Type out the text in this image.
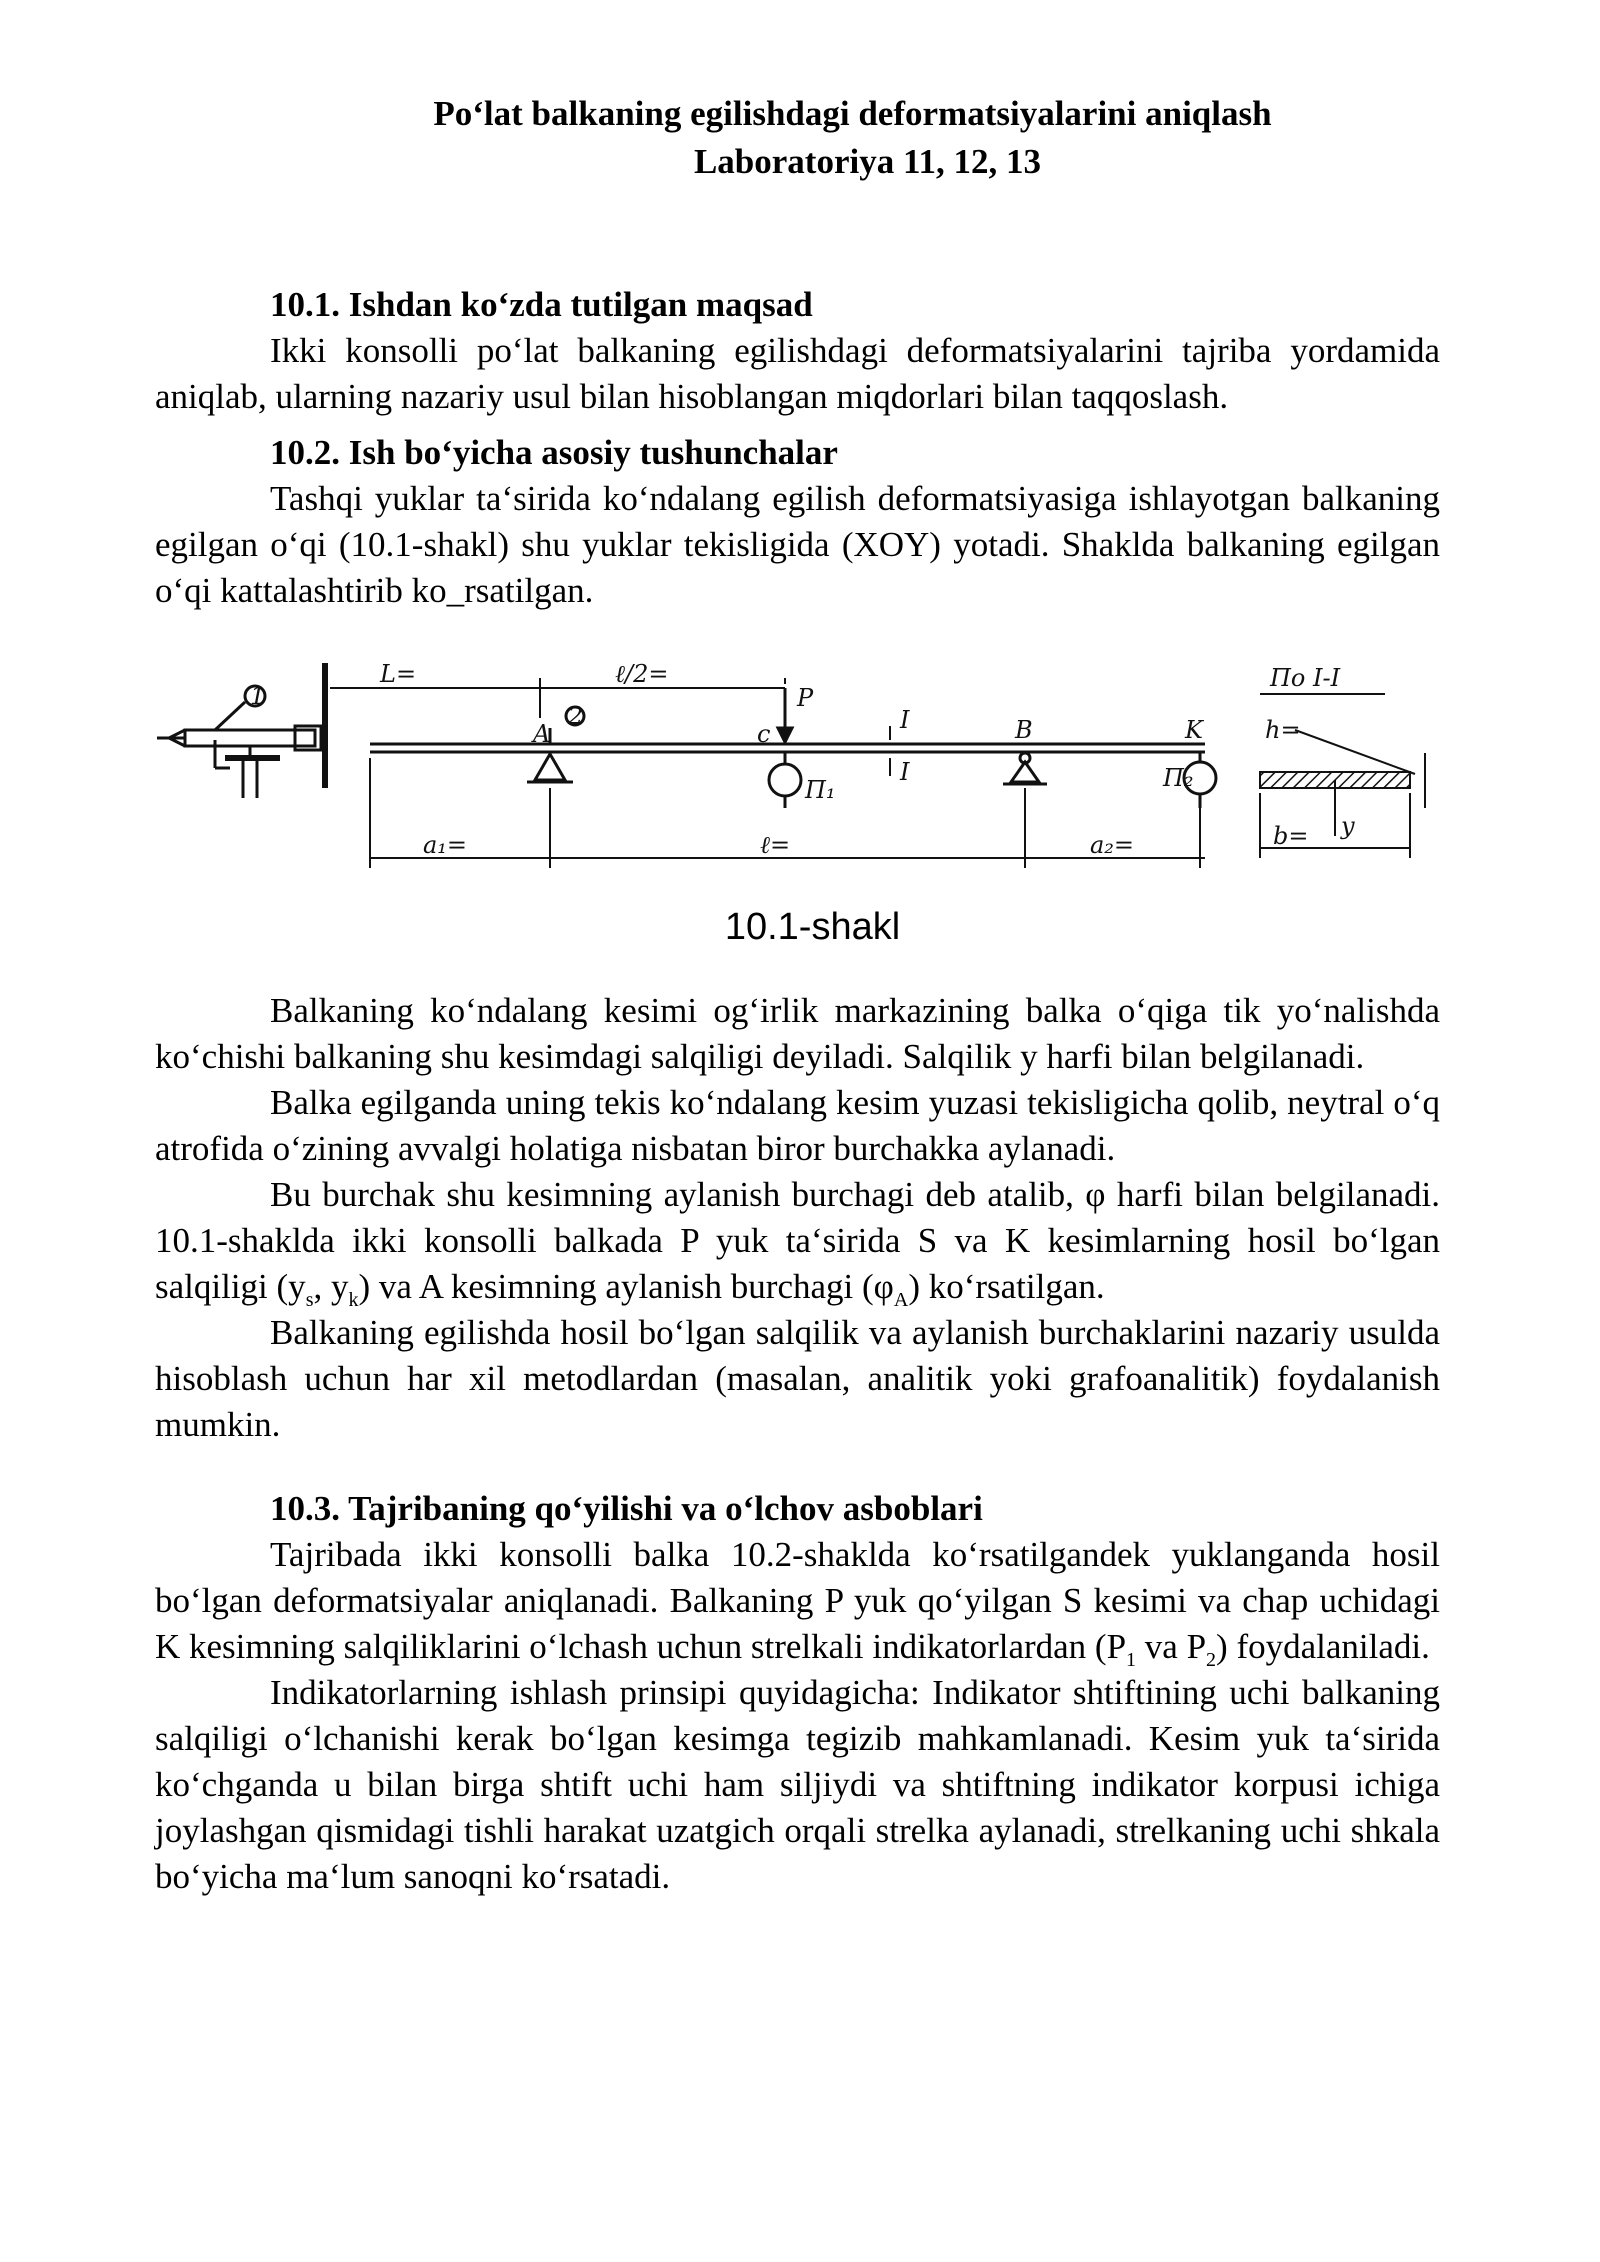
Po‘lat balkaning egilishdagi deformatsiyalarini aniqlash

Laboratoriya 11, 12, 13

10.1. Ishdan ko‘zda tutilgan maqsad

Ikki konsolli po‘lat balkaning egilishdagi deformatsiyalarini tajriba yordamida aniqlab, ularning nazariy usul bilan hisoblangan miqdorlari bilan taqqoslash.

10.2. Ish bo‘yicha asosiy tushunchalar

Tashqi yuklar ta‘sirida ko‘ndalang egilish deformatsiyasiga ishlayotgan balkaning egilgan o‘qi (10.1-shakl) shu yuklar tekisligida (XOY) yotadi. Shaklda balkaning egilgan o‘qi kattalashtirib ko_rsatilgan.

1
L=	ℓ/2=
P
2
A	c
П₁
I
I
B	K
П₂
a₁=	ℓ=	a₂=
По I-I
h=
b= y
10.1-shakl

Balkaning ko‘ndalang kesimi og‘irlik markazining balka o‘qiga tik yo‘nalishda ko‘chishi balkaning shu kesimdagi salqiligi deyiladi. Salqilik y harfi bilan belgilanadi.

Balka egilganda uning tekis ko‘ndalang kesim yuzasi tekisligicha qolib, neytral o‘q atrofida o‘zining avvalgi holatiga nisbatan biror burchakka aylanadi.

Bu burchak shu kesimning aylanish burchagi deb atalib, φ harfi bilan belgilanadi. 10.1-shaklda ikki konsolli balkada P yuk ta‘sirida S va K kesimlarning hosil bo‘lgan salqiligi ($y_s$, $y_k$) va A kesimning aylanish burchagi $(\varphi_A)$ ko‘rsatilgan.

Balkaning egilishda hosil bo‘lgan salqilik va aylanish burchaklarini nazariy usulda hisoblash uchun har xil metodlardan (masalan, analitik yoki grafoanalitik) foydalanish mumkin.

10.3. Tajribaning qo‘yilishi va o‘lchov asboblari

Tajribada ikki konsolli balka 10.2-shaklda ko‘rsatilgandek yuklanganda hosil bo‘lgan deformatsiyalar aniqlanadi. Balkaning P yuk qo‘yilgan S kesimi va chap uchidagi K kesimning salqiliklarini o‘lchash uchun strelkali indikatorlardan ($P_1$ va $P_2$) foydalaniladi.

Indikatorlarning ishlash prinsipi quyidagicha: Indikator shtiftining uchi balkaning salqiligi o‘lchanishi kerak bo‘lgan kesimga tegizib mahkamlanadi. Kesim yuk ta‘sirida ko‘chganda u bilan birga shtift uchi ham siljiydi va shtiftning indikator korpusi ichiga joylashgan qismidagi tishli harakat uzatgich orqali strelka aylanadi, strelkaning uchi shkala bo‘yicha ma‘lum sanoqni ko‘rsatadi.
